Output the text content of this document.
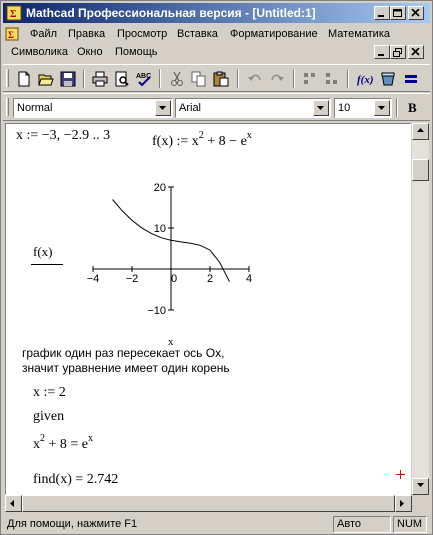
Σ Mathcad Профессиональная версия - [Untitled:1]
Σ Файл Правка Просмотр Вставка Форматирование Математика
Символика Окно Помощь
ABC	f(x)
Normal	Arial	10	B
x := −3, −2.9 .. 3	f(x) := $x^2 + 8 - e^x$
−4 −2	0	2	4
20
10
−10
f(x)
x
график один раз пересекает ось Ox,
значит уравнение имеет один корень
x := 2
given
$x^2 + 8 = e^x$
find(x) = 2.742
Для помощи, нажмите F1	Авто	NUM
